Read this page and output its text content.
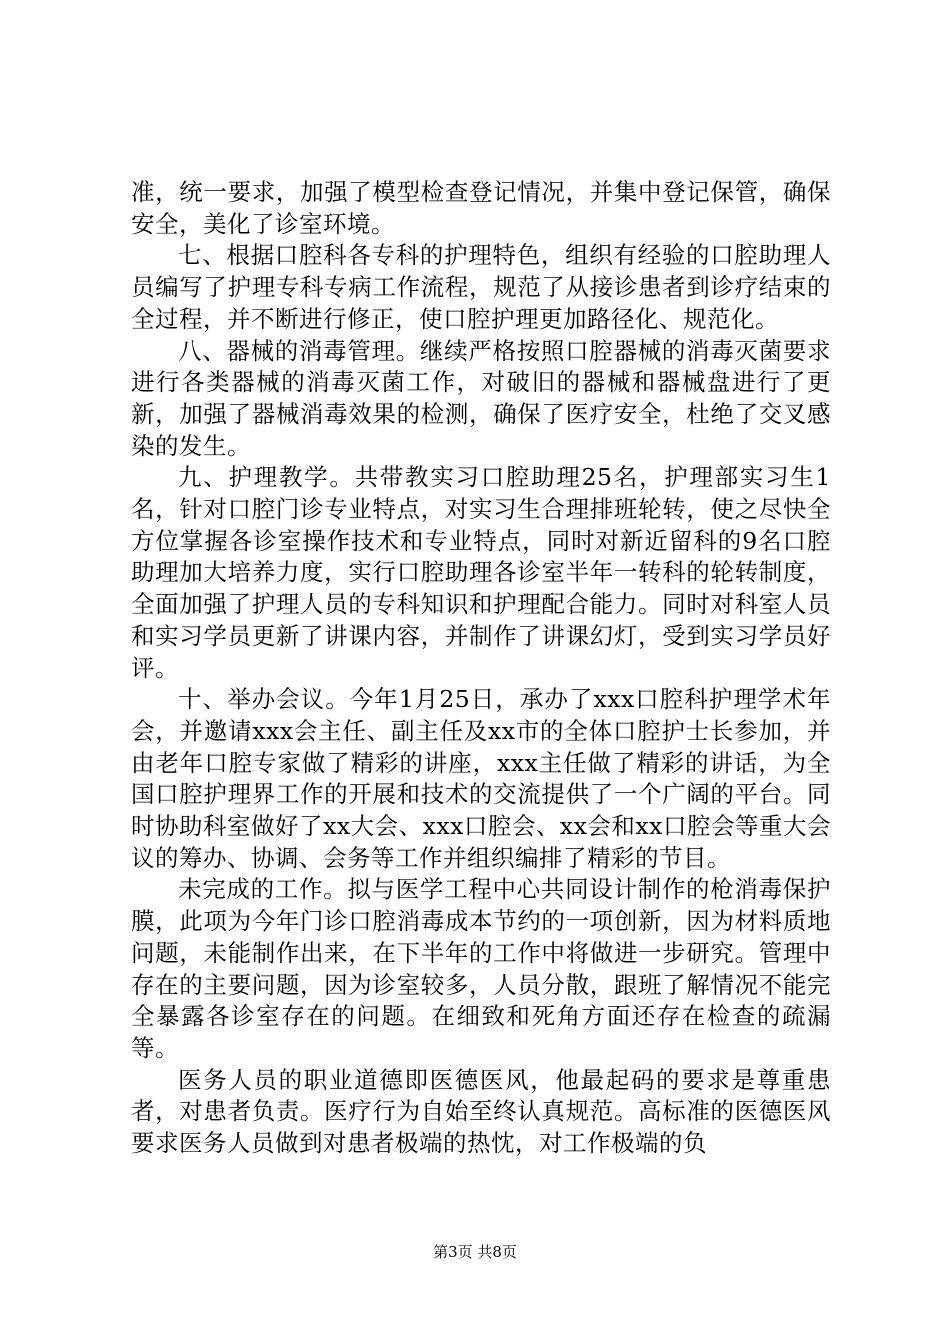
准，统一要求，加强了模型检查登记情况，并集中登记保管，确保安全，美化了诊室环境。

七、根据口腔科各专科的护理特色，组织有经验的口腔助理人员编写了护理专科专病工作流程，规范了从接诊患者到诊疗结束的全过程，并不断进行修正，使口腔护理更加路径化、规范化。

八、器械的消毒管理。继续严格按照口腔器械的消毒灭菌要求进行各类器械的消毒灭菌工作，对破旧的器械和器械盘进行了更新，加强了器械消毒效果的检测，确保了医疗安全，杜绝了交叉感染的发生。

九、护理教学。共带教实习口腔助理25名，护理部实习生1名，针对口腔门诊专业特点，对实习生合理排班轮转，使之尽快全方位掌握各诊室操作技术和专业特点，同时对新近留科的9名口腔助理加大培养力度，实行口腔助理各诊室半年一转科的轮转制度，全面加强了护理人员的专科知识和护理配合能力。同时对科室人员和实习学员更新了讲课内容，并制作了讲课幻灯，受到实习学员好评。

十、举办会议。今年1月25日，承办了xxx口腔科护理学术年会，并邀请xxx会主任、副主任及xx市的全体口腔护士长参加，并由老年口腔专家做了精彩的讲座，xxx主任做了精彩的讲话，为全国口腔护理界工作的开展和技术的交流提供了一个广阔的平台。同时协助科室做好了xx大会、xxx口腔会、xx会和xx口腔会等重大会议的筹办、协调、会务等工作并组织编排了精彩的节目。

未完成的工作。拟与医学工程中心共同设计制作的枪消毒保护膜，此项为今年门诊口腔消毒成本节约的一项创新，因为材料质地问题，未能制作出来，在下半年的工作中将做进一步研究。管理中存在的主要问题，因为诊室较多，人员分散，跟班了解情况不能完全暴露各诊室存在的问题。在细致和死角方面还存在检查的疏漏等。

医务人员的职业道德即医德医风，他最起码的要求是尊重患者，对患者负责。医疗行为自始至终认真规范。高标准的医德医风要求医务人员做到对患者极端的热忱，对工作极端的负

第3页 共8页
